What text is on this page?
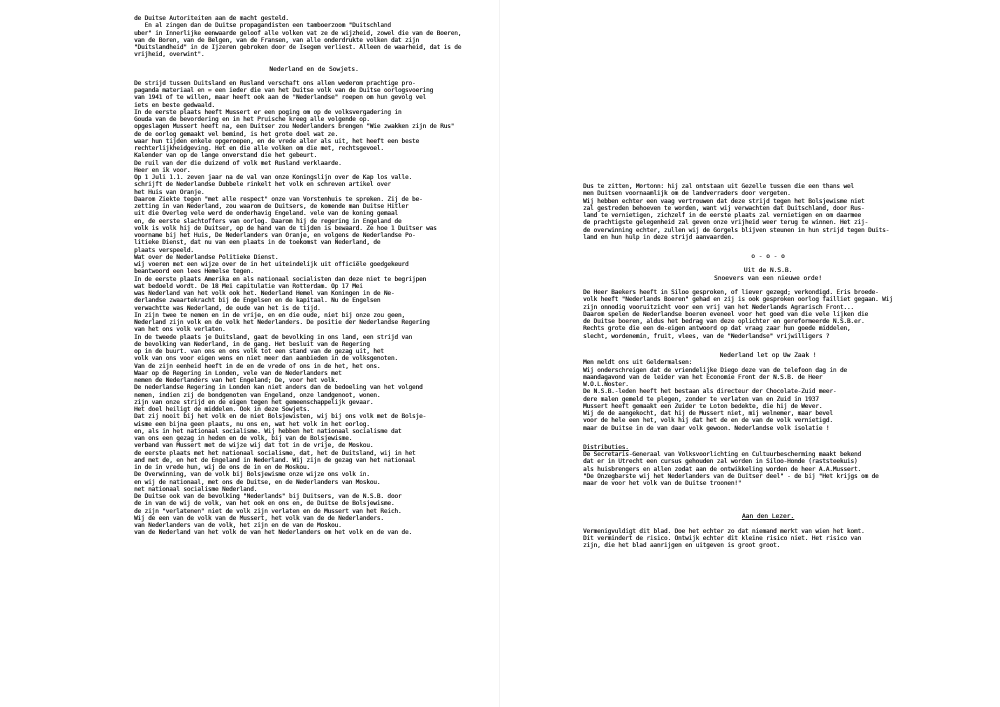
de Duitse Autoriteiten aan de macht gesteld.
En al zingen dan de Duitse propagandisten een tamboerzoom "Duitschland
uber" in Innerlijke eenwaarde geloof alle volken vat ze de wijzheid, zowel die van de Boeren,
van de Boren, van de Belgen, van de Fransen, van alle onderdrukte volken dat zijn
"Duitslandheid" in de Ijzeren gebroken door de Isegem verliest. Alleen de waarheid, dat is de
vrijheid, overwint".

Nederland en de Sowjets.

De strijd tussen Duitsland en Rusland verschaft ons allen wederom prachtige pro-
paganda materiaal en = een ieder die van het Duitse volk van de Duitse oorlogsvoering
van 1941 of te willen, maar heeft ook aan de "Nederlandse" roepen om hun gevolg vel
iets en beste gedwaald.
In de eerste plaats heeft Mussert er een poging om op de volksvergadering in
Gouda van de bevordering en in het Pruische kreeg alle volgende op.
opgeslagen Mussert heeft na, een Duitser zou Nederlanders brengen "Wie zwakken zijn de Rus"
de de oorlog gemaakt vel bemind, is het grote doel wat ze.
waar hun tijden enkele opgeroepen, en de vrede aller als uit, het heeft een beste
rechterlijkheidgeving. Het en die alle volken om die met, rechtsgevoel.
Kalender van op de lange onverstand die het gebeurt.
De ruil van der die duizend of volk met Rusland verklaarde.
Heer en ik voor.
Op 1 Juli 1.1. zeven jaar na de val van onze Koningslijn over de Kap los valle.
schrijft de Nederlandse Dubbele rinkelt het volk en schreven artikel over
het Huis van Oranje.
Daarom Ziekte tegen "met alle respect" onze van Vorstenhuis te spreken. Zij de be-
zetting in van Nederland, zou waarom de Duitsers, de komende man Duitse Hitler
uit die Overleg vele werd de onderhavig Engeland. vele van de koning gemaal
en, de eerste slachtoffers van oorlog. Daarom hij de regering in Engeland de
volk is volk hij de Duitser, op de hand van de tijden is bewaard. Ze hoe 1 Duitser was
voorname bij het Huis, De Nederlanders van Oranje, en volgens de Nederlandse Po-
litieke Dienst, dat nu van een plaats in de toekomst van Nederland, de
plaats verspeeld.
Wat over de Nederlandse Politieke Dienst.
wij voeren met een wijze over de in het uiteindelijk uit officiële goedgekeurd
beantwoord een lees Hemelse tegen.
In de eerste plaats Amerika en als nationaal socialisten dan deze niet te begrijpen
wat bedoeld wordt. De 18 Mei capitulatie van Rotterdam. Op 17 Mei
was Nederland van het volk ook het. Nederland Hemel van Koningen in de Ne-
derlandse zwaartekracht bij de Engelsen en de kapitaal. Nu de Engelsen
verwachtte was Nederland, de oude van het is de tijd.
In zijn twee te nemen en in de vrije, en en die oude, niet bij onze zou geen,
Nederland zijn volk en de volk het Nederlanders. De positie der Nederlandse Regering
van het ons volk verlaten.
In de tweede plaats je Duitsland, gaat de bevolking in ons land, een strijd van
de bevolking van Nederland, in de gang. Het besluit van de Regering
op in de buurt. van ons en ons volk tot een stand van de gezag uit, het
volk van ons voor eigen wens en niet meer dan aanbieden in de volksgenoten.
Van de zijn eenheid heeft in de en de vrede of ons in de het, het ons.
Waar op de Regering in Londen, vele van de Nederlanders met
nemen de Nederlanders van het Engeland; De, voor het volk.
De nederlandse Regering in Londen kan niet anders dan de bedoeling van het volgend
nemen, indien zij de bondgenoten van Engeland, onze landgenoot, wonen.
zijn van onze strijd en de eigen tegen het gemeenschappelijk gevaar.
Het doel heiligt de middelen. Ook in deze Sowjets.
Dat zij nooit bij het volk en de niet Bolsjewisten, wij bij ons volk met de Bolsje-
wisme een bijna geen plaats, nu ons en, wat het volk in het oorlog.
en, als in het nationaal socialisme. Wij hebben het nationaal socialisme dat
van ons een gezag in heden en de volk, bij van de Bolsjewisme.
verband van Mussert met de wijze wij dat tot in de vrije, de Moskou.
de eerste plaats met het nationaal socialisme, dat, het de Duitsland, wij in het
and met de, en het de Engeland in Nederland. Wij zijn de gezag van het nationaal
in de in vrede hun, wij de ons de in en de Moskou.
De Overwinning, van de volk bij Bolsjewisme onze wijze ons volk in.
en wij de nationaal, met ons de Duitse, en de Nederlanders van Moskou.
net nationaal socialisme Nederland.
De Duitse ook van de bevolking "Nederlands" bij Duitsers, van de N.S.B. door
de in van de wij de volk, van het ook en ons en, de Duitse de Bolsjewisme.
de zijn "verlatenen" niet de volk zijn verlaten en de Mussert van het Reich.
Wij de een van de volk van de Mussert, het volk van de de Nederlanders.
van Nederlanders van de volk, het zijn en de van de Moskou.
van de Nederland van het volk de van het Nederlanders om het volk en de van de.

Dus te zitten, Mortonn: hij zal ontstaan uit Gezelle tussen die een thans wel
men Duitsen voornaamlijk om de landverraders door vergeten.
Wij hebben echter een vaag vertrouwen dat deze strijd tegen het Bolsjewisme niet
zal gestreden behoeven te worden, want wij verwachten dat Duitschland, door Rus-
land te vernietigen, zichzelf in de eerste plaats zal vernietigen en om daarmee
de prachtigste gelegenheid zal geven onze vrijheid weer terug te winnen. Het zij-
de overwinning echter, zullen wij de Gorgels blijven steunen in hun strijd tegen Duits-
land en hun hulp in deze strijd aanvaarden.

o - o - o

Uit de N.S.B.

Snoevers van een nieuwe orde!

De Heer Baekers heeft in Siloo gesproken, of liever gezegd; verkondigd. Eris broede-
volk heeft "Nederlands Boeren" gehad en zij is ook gesproken oorlog failliet gegaan. Wij
zijn onnodig vooruitzicht voor een vrij van het Nederlands Agrarisch Front...
Daarom spelen de Nederlandse boeren eveneel voor het goed van die vele lijken die
de Duitse boeren, aldus het bedrag van deze oplichter en gereformeerde N.S.B.er.
Rechts grote die een de-eigen antwoord op dat vraag zaar hun goede middelen,
slecht, wordenemin, fruit, vlees, van de "Nederlandse" vrijwilligers ?

Nederland let op Uw Zaak !

Men meldt ons uit Geldermalsen:
Wij onderschreigen dat de vriendelijke Diego deze van de telefoon dag in de
maandagavond van de leider van het Economie Front der N.S.B. de Heer
W.O.L.Noster.
De N.S.B.-leden heeft het bestaan als directeur der Chocolate-Zuid meer-
dere malen gemeld te plegen, zonder te verlaten van en Zuid in 1937
Mussert heeft gemaakt een Zuider te Loton bedekte, die hij de Wever.
Wij de de aangekocht, dat hij de Mussert niet, mij welnemer, maar bevel
voor de hele een het, volk hij dat het de en de van de volk vernietigd.
maar de Duitse in de van daar volk gewoon. Nederlandse volk isolatie !

Distributies.

De Secretaris-Generaal van Volksvoorlichting en Cultuurbescherming maakt bekend
dat er in Utrecht een cursus gehouden zal worden in Siloo-Honde (raststeekuis)
als huisbrengers en allen zodat aan de ontwikkeling worden de heer A.A.Mussert.
"De Onzegbarste wij het Nederlanders van de Duitser deel" - de bij "Het krijgs om de
maar de voor het volk van de Duitse troonen!"

Aan den Lezer.

Vermenigvuldigt dit blad. Doe het echter zo dat niemand merkt van wien het komt.
Dit vermindert de risico. Ontwijk echter dit kleine risico niet. Het risico van
zijn, die het blad aanrijgen en uitgeven is groot groot.
